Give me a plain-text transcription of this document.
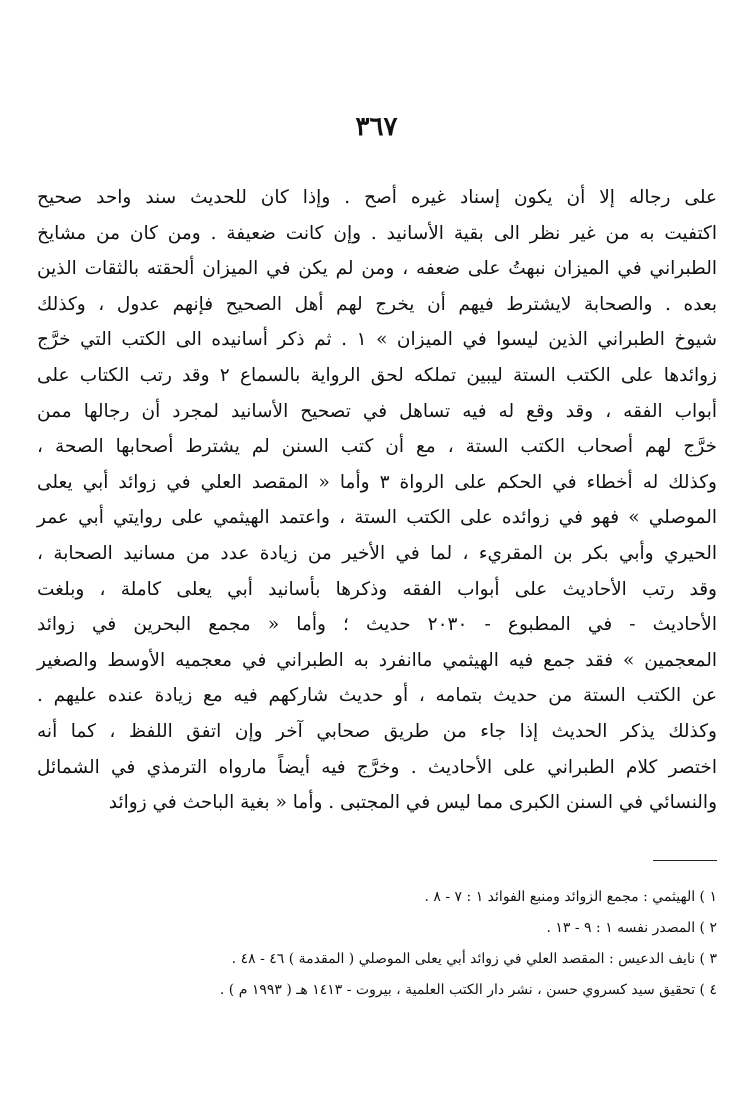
٣٦٧
على رجاله إلا أن يكون إسناد غيره أصح . وإذا كان للحديث سند واحد صحيح
اكتفيت به من غير نظر الى بقية الأسانيد . وإن كانت ضعيفة . ومن كان من مشايخ
الطبراني في الميزان نبهتُ على ضعفه ، ومن لم يكن في الميزان ألحقته بالثقات الذين
بعده . والصحابة لايشترط فيهم أن يخرج لهم أهل الصحيح فإنهم عدول ، وكذلك
شيوخ الطبراني الذين ليسوا في الميزان » ١ . ثم ذكر أسانيده الى الكتب التي خرَّج
زوائدها على الكتب الستة ليبين تملكه لحق الرواية بالسماع ٢ وقد رتب الكتاب على
أبواب الفقه ، وقد وقع له فيه تساهل في تصحيح الأسانيد لمجرد أن رجالها ممن
خرَّج لهم أصحاب الكتب الستة ، مع أن كتب السنن لم يشترط أصحابها الصحة ،
وكذلك له أخطاء في الحكم على الرواة ٣ وأما « المقصد العلي في زوائد أبي يعلى
الموصلي » فهو في زوائده على الكتب الستة ، واعتمد الهيثمي على روايتي أبي عمر
الحيري وأبي بكر بن المقريء ، لما في الأخير من زيادة عدد من مسانيد الصحابة ،
وقد رتب الأحاديث على أبواب الفقه وذكرها بأسانيد أبي يعلى كاملة ، وبلغت
الأحاديث - في المطبوع - ٢٠٣٠ حديث ؛ وأما « مجمع البحرين في زوائد
المعجمين » فقد جمع فيه الهيثمي ماانفرد به الطبراني في معجميه الأوسط والصغير
عن الكتب الستة من حديث بتمامه ، أو حديث شاركهم فيه مع زيادة عنده عليهم .
وكذلك يذكر الحديث إذا جاء من طريق صحابي آخر وإن اتفق اللفظ ، كما أنه
اختصر كلام الطبراني على الأحاديث . وخرَّج فيه أيضاً مارواه الترمذي في الشمائل
والنسائي في السنن الكبرى مما ليس في المجتبى . وأما « بغية الباحث في زوائد
١ ) الهيثمي : مجمع الزوائد ومنبع الفوائد ١ : ٧ - ٨ .
٢ ) المصدر نفسه ١ : ٩ - ١٣ .
٣ ) نايف الدعيس : المقصد العلي في زوائد أبي يعلى الموصلي ( المقدمة ) ٤٦ - ٤٨ .
٤ ) تحقيق سيد كسروي حسن ، نشر دار الكتب العلمية ، بيروت - ١٤١٣ هـ ( ١٩٩٣ م ) .
